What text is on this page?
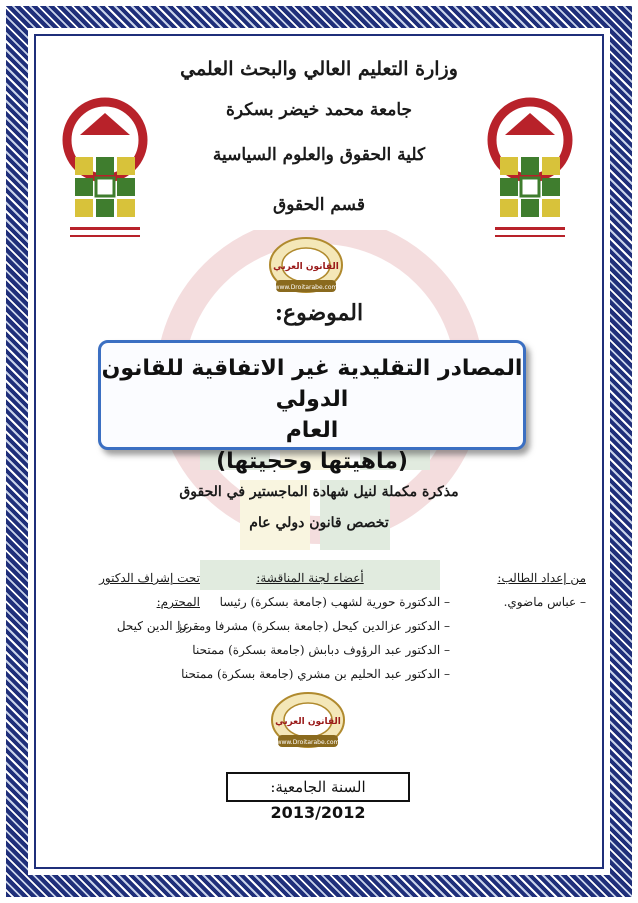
وزارة التعليم العالي والبحث العلمي
جامعة محمد خيضر بسكرة
كلية الحقوق والعلوم السياسية
قسم الحقوق
www.Droitarabe.com
القانون العربي
الموضوع:
المصادر التقليدية غير الاتفاقية للقانون الدولي
العام
(ماهيتها وحجيتها)
مذكرة مكملة لنيل شهادة الماجستير في الحقوق
تخصص قانون دولي عام
من إعداد الطالب:
– عباس ماضوي.
أعضاء لجنة المناقشة:
– الدكتورة حورية لشهب (جامعة بسكرة) رئيسا
– الدكتور عزالدين كيحل (جامعة بسكرة) مشرفا ومقررا
– الدكتور عبد الرؤوف دبابش (جامعة بسكرة) ممتحنا
– الدكتور عبد الحليم بن مشري (جامعة بسكرة) ممتحنا
تحت إشراف الدكتور المحترم:
– عز الدين كيحل
www.Droitarabe.com
القانون العربي
السنة الجامعية: 2013/2012
